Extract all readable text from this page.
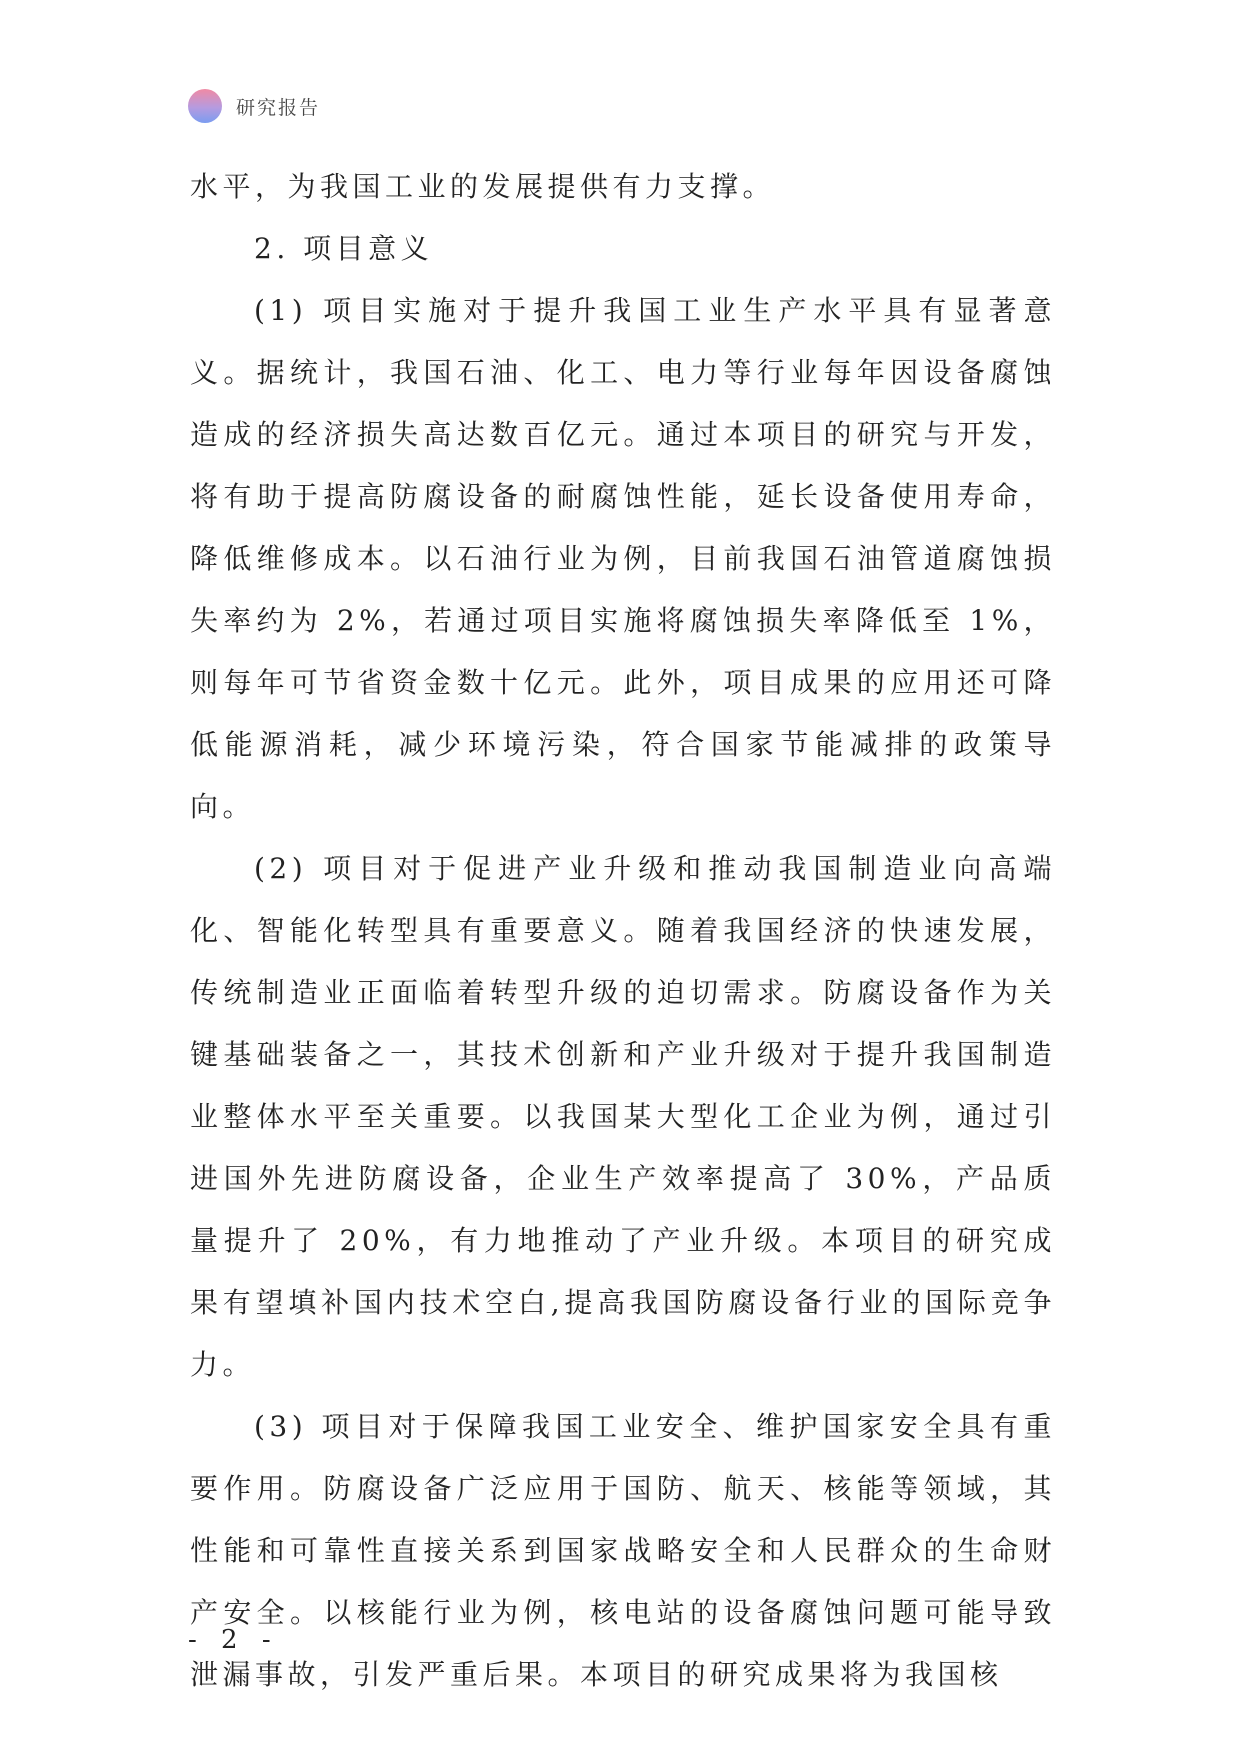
研究报告

水平，为我国工业的发展提供有力支撑。

2. 项目意义

(1) 项目实施对于提升我国工业生产水平具有显著意义。据统计，我国石油、化工、电力等行业每年因设备腐蚀造成的经济损失高达数百亿元。通过本项目的研究与开发，将有助于提高防腐设备的耐腐蚀性能，延长设备使用寿命，降低维修成本。以石油行业为例，目前我国石油管道腐蚀损失率约为 2%，若通过项目实施将腐蚀损失率降低至 1%，则每年可节省资金数十亿元。此外，项目成果的应用还可降低能源消耗，减少环境污染，符合国家节能减排的政策导向。

(2) 项目对于促进产业升级和推动我国制造业向高端化、智能化转型具有重要意义。随着我国经济的快速发展，传统制造业正面临着转型升级的迫切需求。防腐设备作为关键基础装备之一，其技术创新和产业升级对于提升我国制造业整体水平至关重要。以我国某大型化工企业为例，通过引进国外先进防腐设备，企业生产效率提高了 30%，产品质量提升了 20%，有力地推动了产业升级。本项目的研究成果有望填补国内技术空白,提高我国防腐设备行业的国际竞争力。

(3) 项目对于保障我国工业安全、维护国家安全具有重要作用。防腐设备广泛应用于国防、航天、核能等领域，其性能和可靠性直接关系到国家战略安全和人民群众的生命财产安全。以核能行业为例，核电站的设备腐蚀问题可能导致泄漏事故，引发严重后果。本项目的研究成果将为我国核

- 2 -
